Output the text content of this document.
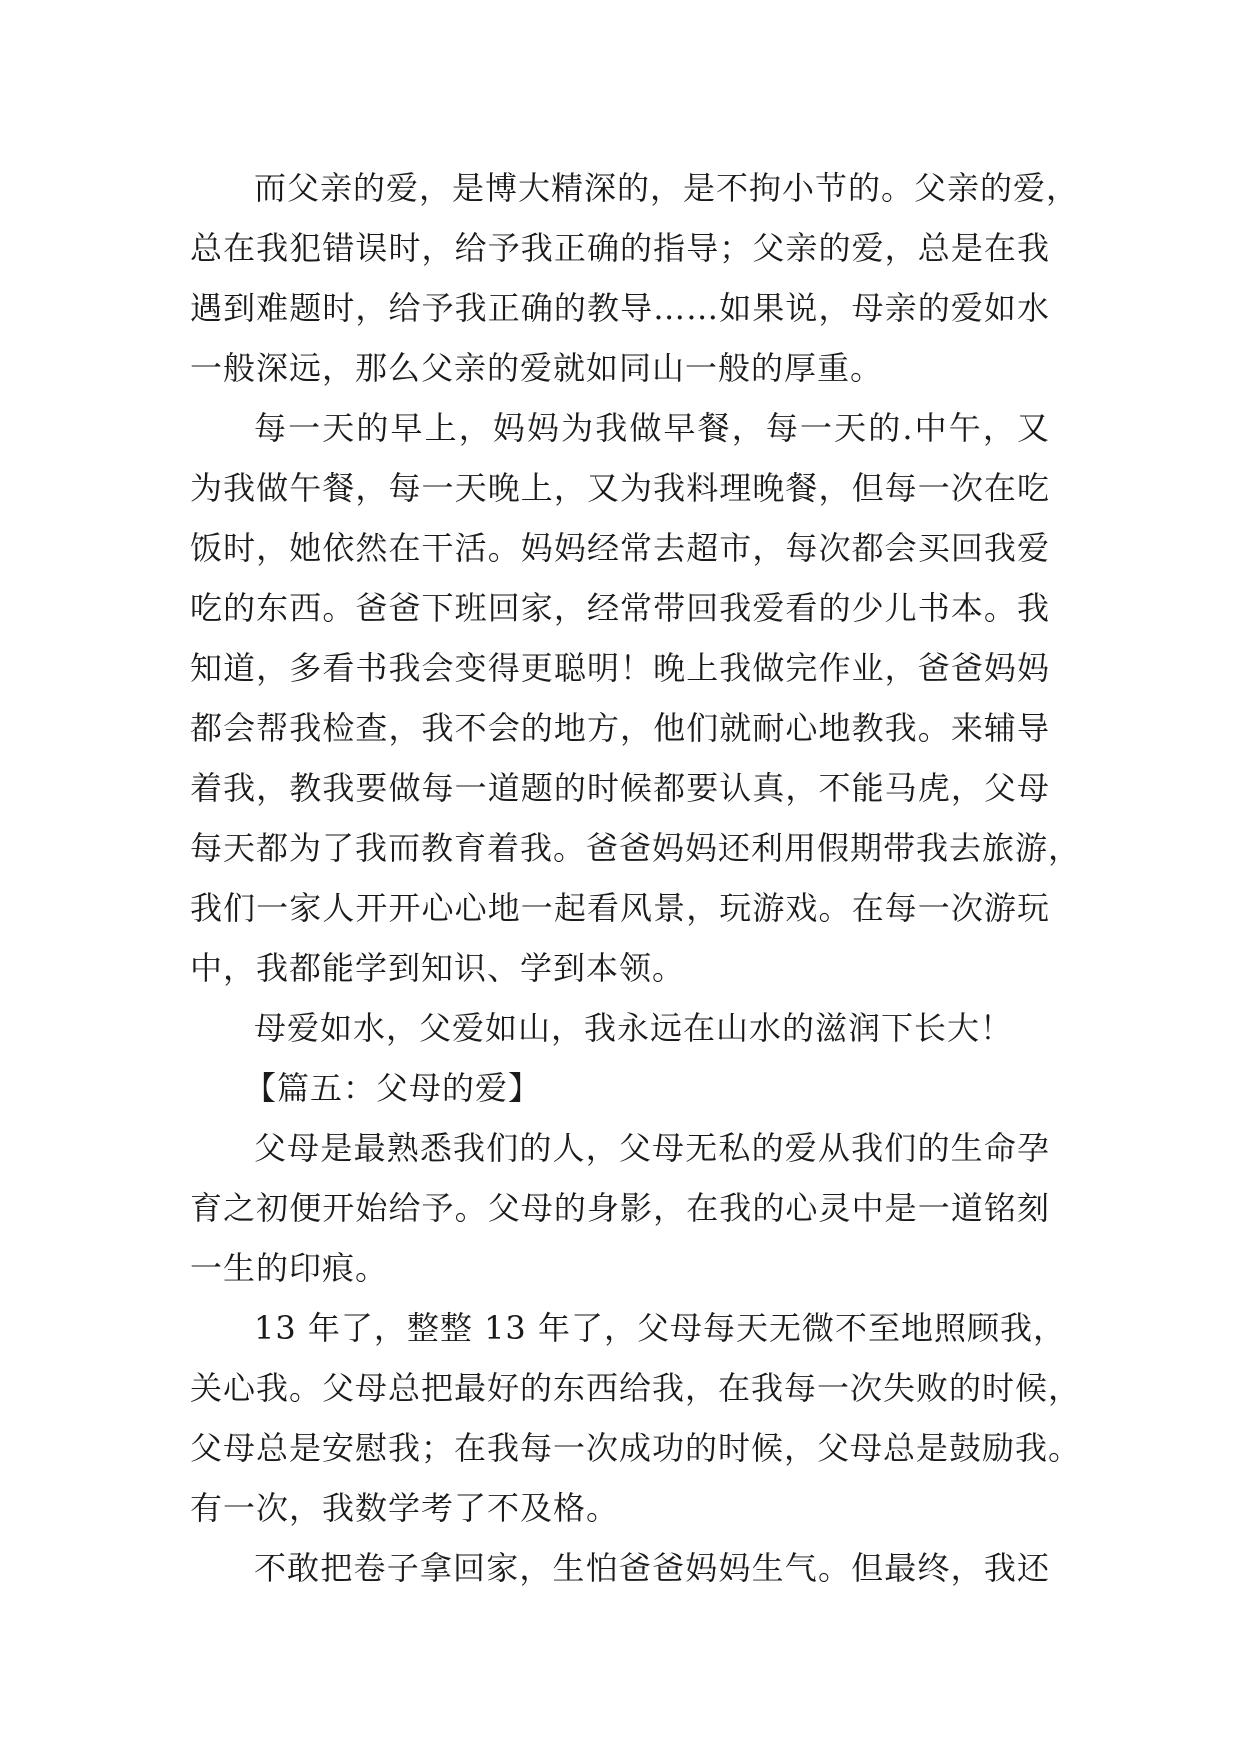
而父亲的爱，是博大精深的，是不拘小节的。父亲的爱，
总在我犯错误时，给予我正确的指导；父亲的爱，总是在我
遇到难题时，给予我正确的教导……如果说，母亲的爱如水
一般深远，那么父亲的爱就如同山一般的厚重。
每一天的早上，妈妈为我做早餐，每一天的.中午，又
为我做午餐，每一天晚上，又为我料理晚餐，但每一次在吃
饭时，她依然在干活。妈妈经常去超市，每次都会买回我爱
吃的东西。爸爸下班回家，经常带回我爱看的少儿书本。我
知道，多看书我会变得更聪明！晚上我做完作业，爸爸妈妈
都会帮我检查，我不会的地方，他们就耐心地教我。来辅导
着我，教我要做每一道题的时候都要认真，不能马虎，父母
每天都为了我而教育着我。爸爸妈妈还利用假期带我去旅游，
我们一家人开开心心地一起看风景，玩游戏。在每一次游玩
中，我都能学到知识、学到本领。
母爱如水，父爱如山，我永远在山水的滋润下长大！
【篇五：父母的爱】
父母是最熟悉我们的人，父母无私的爱从我们的生命孕
育之初便开始给予。父母的身影，在我的心灵中是一道铭刻
一生的印痕。
13 年了，整整 13 年了，父母每天无微不至地照顾我，
关心我。父母总把最好的东西给我，在我每一次失败的时候，
父母总是安慰我；在我每一次成功的时候，父母总是鼓励我。
有一次，我数学考了不及格。
不敢把卷子拿回家，生怕爸爸妈妈生气。但最终，我还
